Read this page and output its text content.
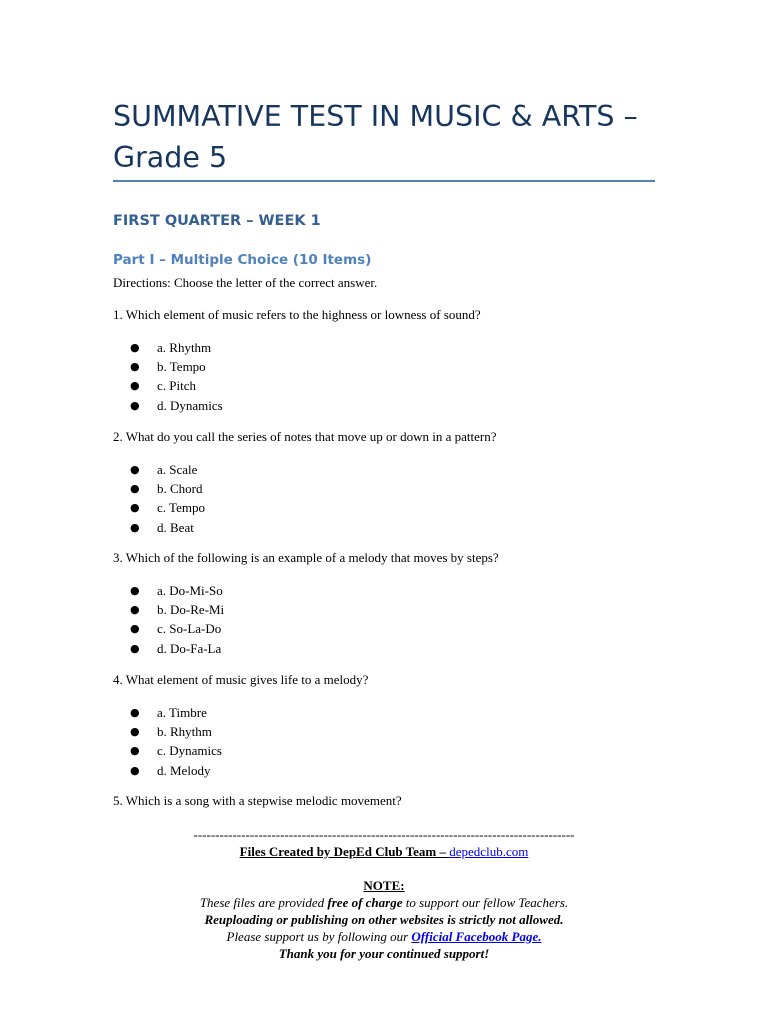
SUMMATIVE TEST IN MUSIC & ARTS – Grade 5
FIRST QUARTER – WEEK 1
Part I – Multiple Choice (10 Items)

Directions: Choose the letter of the correct answer.

1. Which element of music refers to the highness or lowness of sound?

● a. Rhythm
● b. Tempo
● c. Pitch
● d. Dynamics

2. What do you call the series of notes that move up or down in a pattern?

● a. Scale
● b. Chord
● c. Tempo
● d. Beat

3. Which of the following is an example of a melody that moves by steps?

● a. Do-Mi-So
● b. Do-Re-Mi
● c. So-La-Do
● d. Do-Fa-La

4. What element of music gives life to a melody?

● a. Timbre
● b. Rhythm
● c. Dynamics
● d. Melody

5. Which is a song with a stepwise melodic movement?

----------------------------------------------------------------------------------------

Files Created by DepEd Club Team – depedclub.com

NOTE:

These files are provided free of charge to support our fellow Teachers.

Reuploading or publishing on other websites is strictly not allowed.

Please support us by following our Official Facebook Page.

Thank you for your continued support!
